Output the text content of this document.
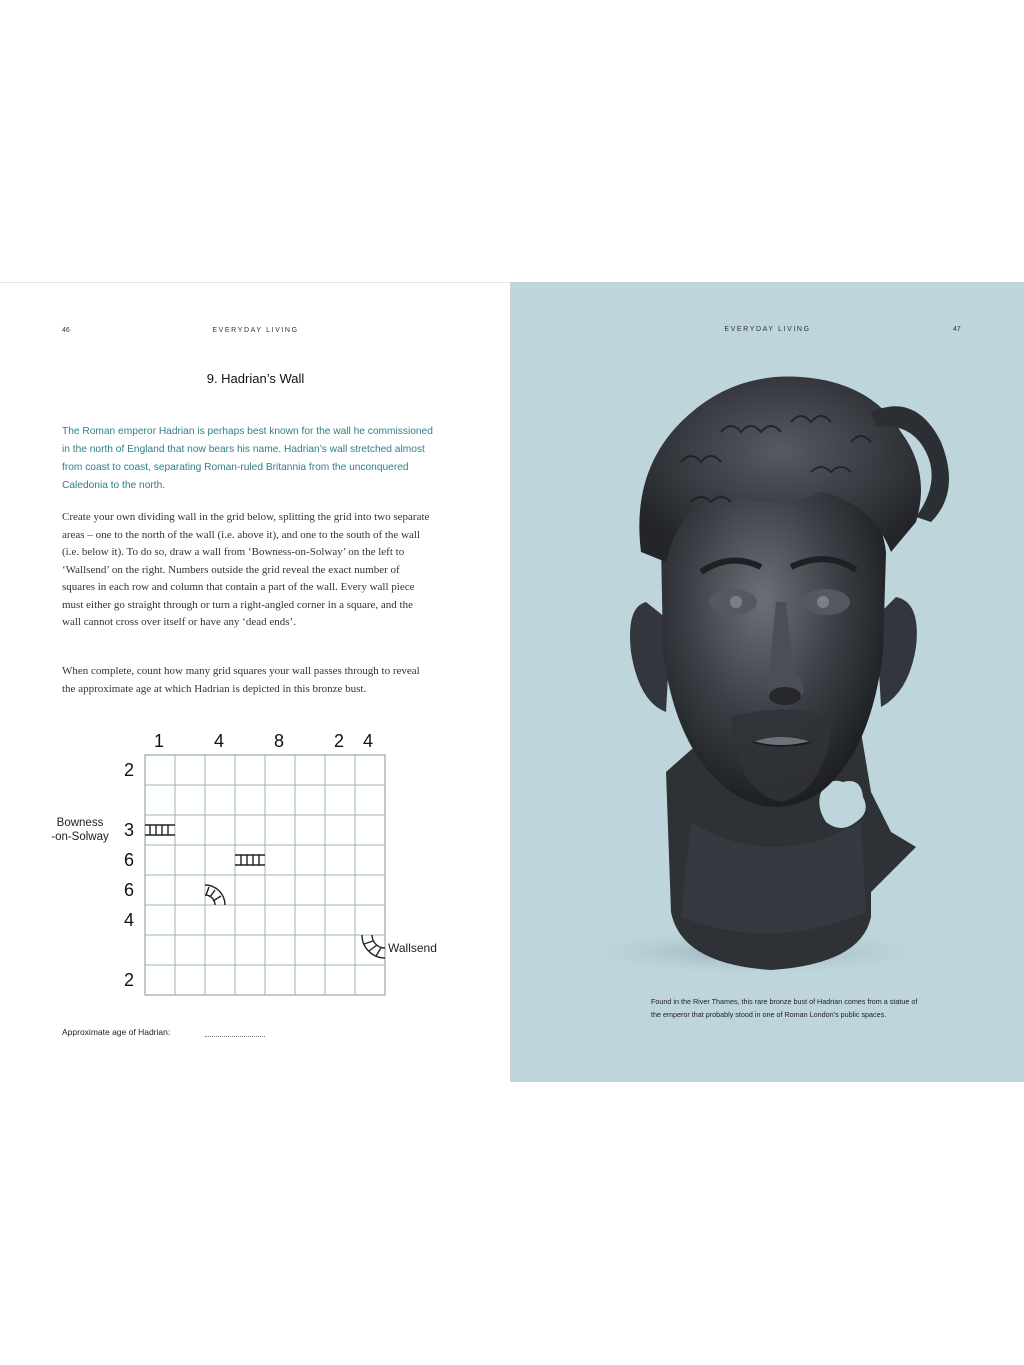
46	EVERYDAY LIVING
9. Hadrian’s Wall
The Roman emperor Hadrian is perhaps best known for the wall he commissioned in the north of England that now bears his name. Hadrian’s wall stretched almost from coast to coast, separating Roman-ruled Britannia from the unconquered Caledonia to the north.
Create your own dividing wall in the grid below, splitting the grid into two separate areas – one to the north of the wall (i.e. above it), and one to the south of the wall (i.e. below it). To do so, draw a wall from ‘Bowness-on-Solway’ on the left to ‘Wallsend’ on the right. Numbers outside the grid reveal the exact number of squares in each row and column that contain a part of the wall. Every wall piece must either go straight through or turn a right-angled corner in a square, and the wall cannot cross over itself or have any ‘dead ends’.
When complete, count how many grid squares your wall passes through to reveal the approximate age at which Hadrian is depicted in this bronze bust.
1	4	8	2 4
2
3
6
6
4
2
Bowness
-on-Solway
Wallsend
Approximate age of Hadrian:
EVERYDAY LIVING	47
Found in the River Thames, this rare bronze bust of Hadrian comes from a statue of the emperor that probably stood in one of Roman London’s public spaces.
